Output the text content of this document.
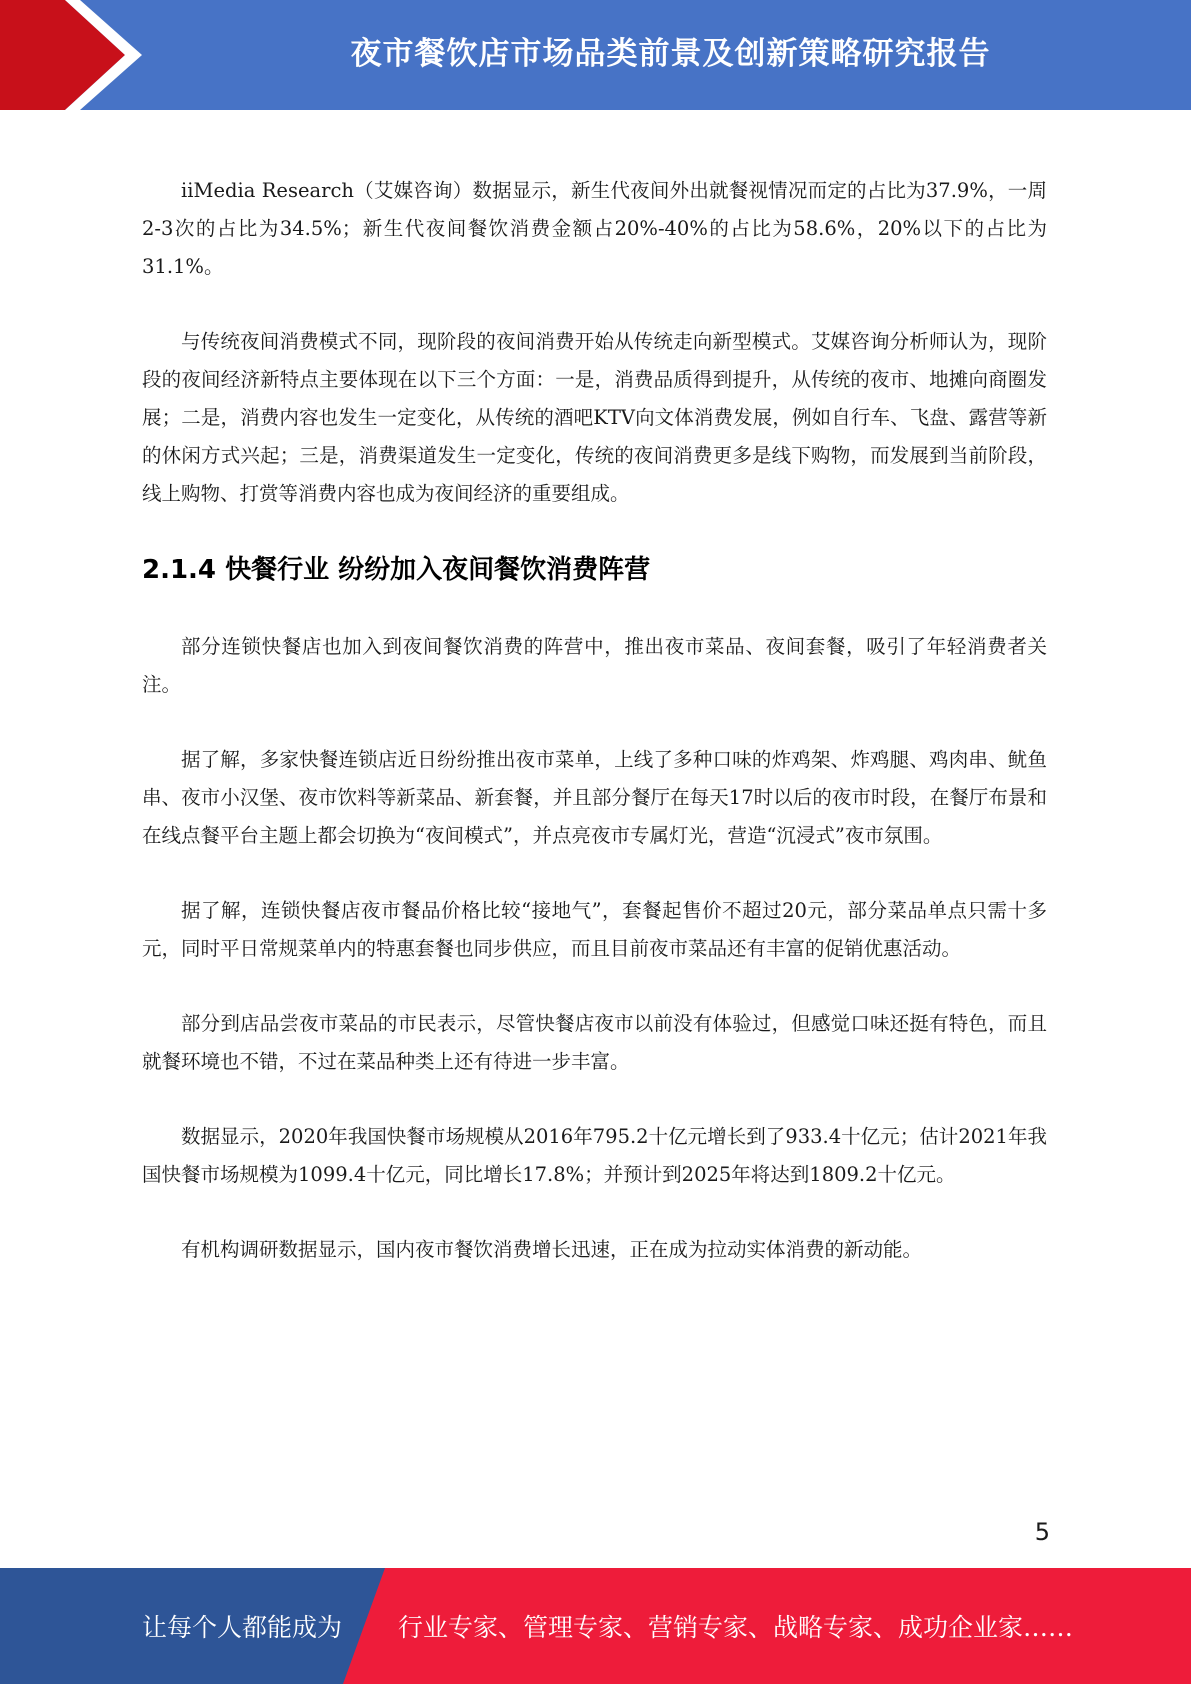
夜市餐饮店市场品类前景及创新策略研究报告

iiMedia Research（艾媒咨询）数据显示，新生代夜间外出就餐视情况而定的占比为37.9%，一周2-3次的占比为34.5%；新生代夜间餐饮消费金额占20%-40%的占比为58.6%，20%以下的占比为31.1%。

与传统夜间消费模式不同，现阶段的夜间消费开始从传统走向新型模式。艾媒咨询分析师认为，现阶段的夜间经济新特点主要体现在以下三个方面：一是，消费品质得到提升，从传统的夜市、地摊向商圈发展；二是，消费内容也发生一定变化，从传统的酒吧KTV向文体消费发展，例如自行车、飞盘、露营等新的休闲方式兴起；三是，消费渠道发生一定变化，传统的夜间消费更多是线下购物，而发展到当前阶段，线上购物、打赏等消费内容也成为夜间经济的重要组成。

2.1.4 快餐行业 纷纷加入夜间餐饮消费阵营

部分连锁快餐店也加入到夜间餐饮消费的阵营中，推出夜市菜品、夜间套餐，吸引了年轻消费者关注。

据了解，多家快餐连锁店近日纷纷推出夜市菜单，上线了多种口味的炸鸡架、炸鸡腿、鸡肉串、鱿鱼串、夜市小汉堡、夜市饮料等新菜品、新套餐，并且部分餐厅在每天17时以后的夜市时段，在餐厅布景和在线点餐平台主题上都会切换为“夜间模式”，并点亮夜市专属灯光，营造“沉浸式”夜市氛围。

据了解，连锁快餐店夜市餐品价格比较“接地气”，套餐起售价不超过20元，部分菜品单点只需十多元，同时平日常规菜单内的特惠套餐也同步供应，而且目前夜市菜品还有丰富的促销优惠活动。

部分到店品尝夜市菜品的市民表示，尽管快餐店夜市以前没有体验过，但感觉口味还挺有特色，而且就餐环境也不错，不过在菜品种类上还有待进一步丰富。

数据显示，2020年我国快餐市场规模从2016年795.2十亿元增长到了933.4十亿元；估计2021年我国快餐市场规模为1099.4十亿元，同比增长17.8%；并预计到2025年将达到1809.2十亿元。

有机构调研数据显示，国内夜市餐饮消费增长迅速，正在成为拉动实体消费的新动能。

5
让每个人都能成为 行业专家、管理专家、营销专家、战略专家、成功企业家……
